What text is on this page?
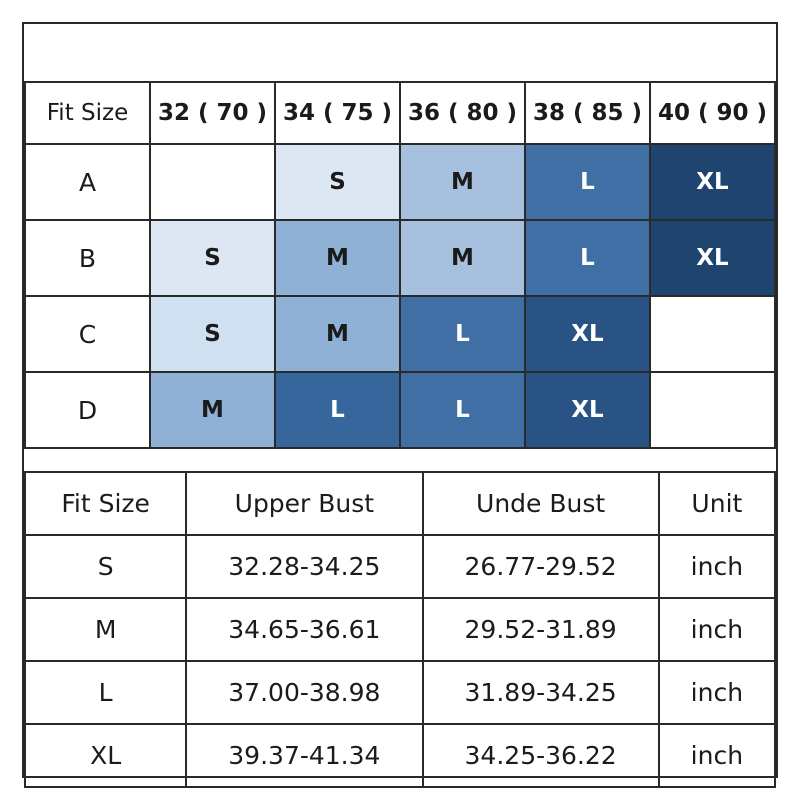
Fit Size	32 ( 70 )	34 ( 75 )	36 ( 80 )	38 ( 85 )	40 ( 90 )
A		S	M	L	XL
B	S	M	M	L	XL
C	S	M	L	XL	
D	M	L	L	XL	
Fit Size	Upper Bust	Unde Bust	Unit
S	32.28-34.25	26.77-29.52	inch
M	34.65-36.61	29.52-31.89	inch
L	37.00-38.98	31.89-34.25	inch
XL	39.37-41.34	34.25-36.22	inch
